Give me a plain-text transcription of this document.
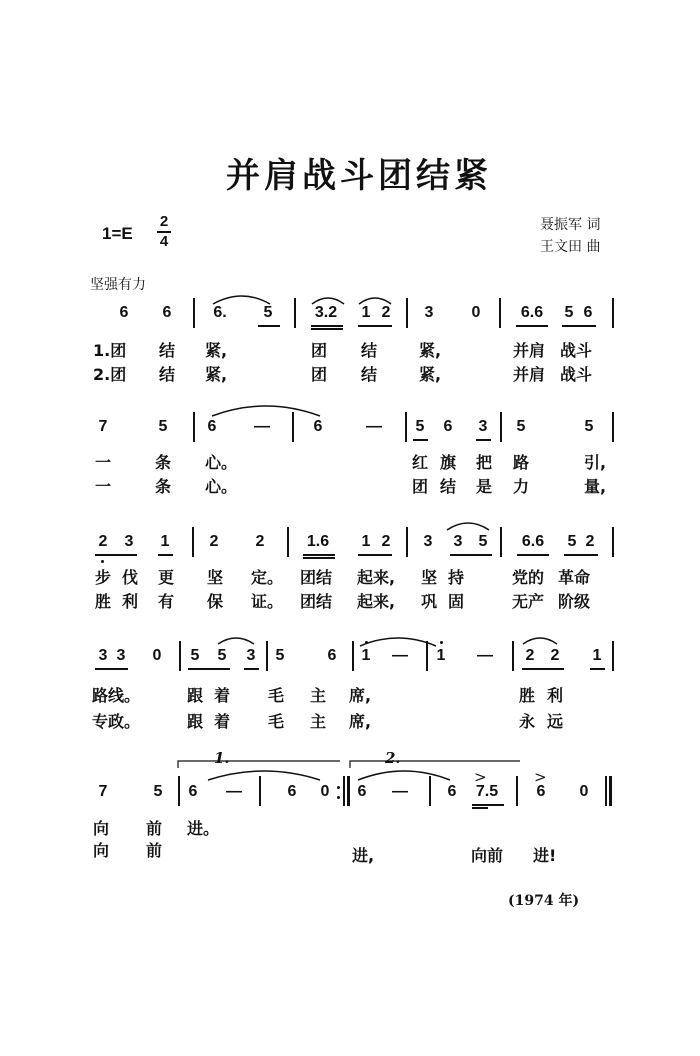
并肩战斗团结紧
聂振军 词
王文田 曲
1=E
2
4
坚强有力
6 6	6. 5	3.2 1 2 3 0	6.6 5 6
1.团 结 紧,	团 结	紧,	并肩 战斗
2.团 结 紧,	团 结	紧,	并肩 战斗
7	5	6 —	6	— 5 6 3 5	5
一	条 心。	红 旗 把 路	引,
一	条 心。	团 结 是 力	量,
2 3 1	2 2	1.6 1 2 3 3 5 6.6 5 2
步 伐 更 坚 定。 团结 起来, 坚 持	党的 革命
胜 利 有 保 证。 团结 起来, 巩 固	无产 阶级
3 3 0 5 5 3 5	6 1 — 1 — 2 2 1
路线。	跟 着 毛 主 席,	胜 利
专政。	跟 着 毛 主 席,	永 远
1.	2.
>	>
7	5 6 —	6 0 6 — 6 7.5 6 0
向 前 进。
向 前	进,	向前 进!
(1974 年)
